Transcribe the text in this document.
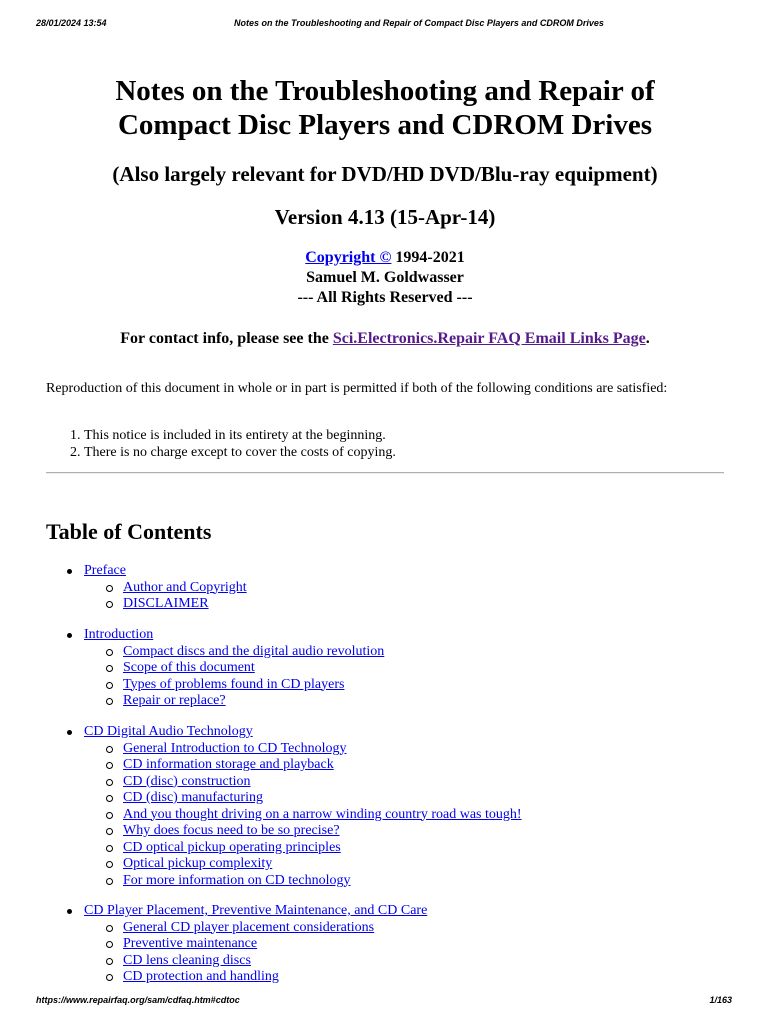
28/01/2024 13:54	Notes on the Troubleshooting and Repair of Compact Disc Players and CDROM Drives
Notes on the Troubleshooting and Repair of
Compact Disc Players and CDROM Drives
(Also largely relevant for DVD/HD DVD/Blu-ray equipment)
Version 4.13 (15-Apr-14)
Copyright © 1994-2021
Samuel M. Goldwasser
--- All Rights Reserved ---
For contact info, please see the Sci.Electronics.Repair FAQ Email Links Page.

Reproduction of this document in whole or in part is permitted if both of the following conditions are satisfied:

1. This notice is included in its entirety at the beginning.
2. There is no charge except to cover the costs of copying.
Table of Contents
Preface
Author and Copyright
DISCLAIMER
Introduction
Compact discs and the digital audio revolution
Scope of this document
Types of problems found in CD players
Repair or replace?
CD Digital Audio Technology
General Introduction to CD Technology
CD information storage and playback
CD (disc) construction
CD (disc) manufacturing
And you thought driving on a narrow winding country road was tough!
Why does focus need to be so precise?
CD optical pickup operating principles
Optical pickup complexity
For more information on CD technology
CD Player Placement, Preventive Maintenance, and CD Care
General CD player placement considerations
Preventive maintenance
CD lens cleaning discs
CD protection and handling
https://www.repairfaq.org/sam/cdfaq.htm#cdtoc	1/163
